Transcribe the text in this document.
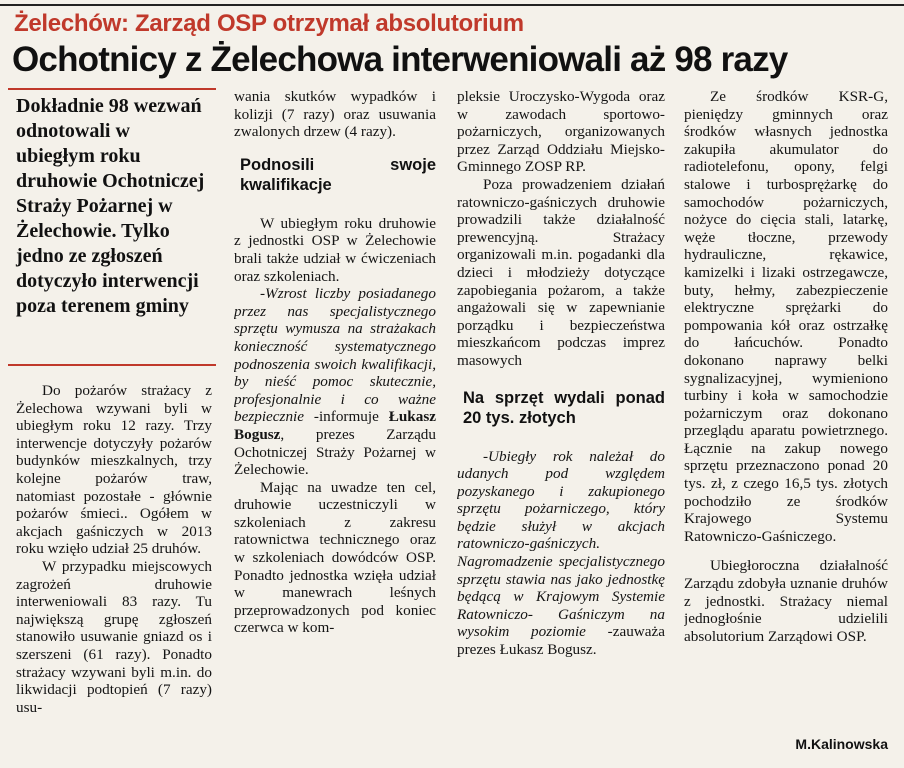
Żelechów: Zarząd OSP otrzymał absolutorium
Ochotnicy z Żelechowa interweniowali aż 98 razy
Dokładnie 98 wezwań odnotowali w ubiegłym roku druhowie Ochotniczej Straży Pożarnej w Żelechowie. Tylko jedno ze zgłoszeń dotyczyło interwencji poza terenem gminy

Do pożarów strażacy z Żelechowa wzywani byli w ubiegłym roku 12 razy. Trzy interwencje dotyczyły pożarów budynków mieszkalnych, trzy kolejne pożarów traw, natomiast pozostałe - głównie pożarów śmieci.. Ogółem w akcjach gaśniczych w 2013 roku wzięło udział 25 druhów.

W przypadku miejscowych zagrożeń druhowie interweniowali 83 razy. Tu największą grupę zgłoszeń stanowiło usuwanie gniazd os i szerszeni (61 razy). Ponadto strażacy wzywani byli m.in. do likwidacji podtopień (7 razy) usu-

wania skutków wypadków i kolizji (7 razy) oraz usuwania zwalonych drzew (4 razy).

Podnosili swoje kwalifikacje

W ubiegłym roku druhowie z jednostki OSP w Żelechowie brali także udział w ćwiczeniach oraz szkoleniach.

-Wzrost liczby posiadanego przez nas specjalistycznego sprzętu wymusza na strażakach konieczność systematycznego podnoszenia swoich kwalifikacji, by nieść pomoc skutecznie, profesjonalnie i co ważne bezpiecznie -informuje Łukasz Bogusz, prezes Zarządu Ochotniczej Straży Pożarnej w Żelechowie.

Mając na uwadze ten cel, druhowie uczestniczyli w szkoleniach z zakresu ratownictwa technicznego oraz w szkoleniach dowódców OSP. Ponadto jednostka wzięła udział w manewrach leśnych przeprowadzonych pod koniec czerwca w kom-

pleksie Uroczysko-Wygoda oraz w zawodach sportowo-pożarniczych, organizowanych przez Zarząd Oddziału Miejsko-Gminnego ZOSP RP.

Poza prowadzeniem działań ratowniczo-gaśniczych druhowie prowadzili także działalność prewencyjną. Strażacy organizowali m.in. pogadanki dla dzieci i młodzieży dotyczące zapobiegania pożarom, a także angażowali się w zapewnianie porządku i bezpieczeństwa mieszkańcom podczas imprez masowych

Na sprzęt wydali ponad 20 tys. złotych

-Ubiegły rok należał do udanych pod względem pozyskanego i zakupionego sprzętu pożarniczego, który będzie służył w akcjach ratowniczo-gaśniczych. Nagromadzenie specjalistycznego sprzętu stawia nas jako jednostkę będącą w Krajowym Systemie Ratowniczo- Gaśniczym na wysokim poziomie -zauważa prezes Łukasz Bogusz.

Ze środków KSR-G, pieniędzy gminnych oraz środków własnych jednostka zakupiła akumulator do radiotelefonu, opony, felgi stalowe i turbosprężarkę do samochodów pożarniczych, nożyce do cięcia stali, latarkę, węże tłoczne, przewody hydrauliczne, rękawice, kamizelki i lizaki ostrzegawcze, buty, hełmy, zabezpieczenie elektryczne sprężarki do pompowania kół oraz ostrzałkę do łańcuchów. Ponadto dokonano naprawy belki sygnalizacyjnej, wymieniono turbiny i koła w samochodzie pożarniczym oraz dokonano przeglądu aparatu powietrznego. Łącznie na zakup nowego sprzętu przeznaczono ponad 20 tys. zł, z czego 16,5 tys. złotych pochodziło ze środków Krajowego Systemu Ratowniczo-Gaśniczego.

Ubiegłoroczna działalność Zarządu zdobyła uznanie druhów z jednostki. Strażacy niemal jednogłośnie udzielili absolutorium Zarządowi OSP.

M.Kalinowska
